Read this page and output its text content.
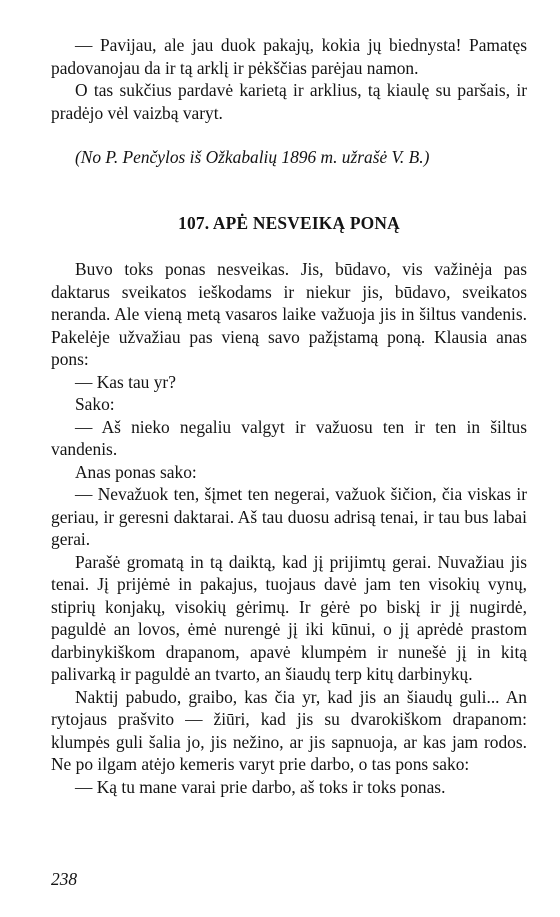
— Pavijau, ale jau duok pakajų, kokia jų biednysta! Pamatęs padovanojau da ir tą arklį ir pėkščias parėjau namon.

O tas sukčius pardavė karietą ir arklius, tą kiaulę su paršais, ir pradėjo vėl vaizbą varyt.

(No P. Penčylos iš Ožkabalių 1896 m. užrašė V. B.)

107. APĖ NESVEIKĄ PONĄ

Buvo toks ponas nesveikas. Jis, būdavo, vis važinėja pas daktarus sveikatos ieškodams ir niekur jis, būdavo, sveikatos neranda. Ale vieną metą vasaros laike važuoja jis in šiltus vandenis. Pakelėje užvažiau pas vieną savo pažįstamą poną. Klausia anas pons:

— Kas tau yr?

Sako:

— Aš nieko negaliu valgyt ir važuosu ten ir ten in šiltus vandenis.

Anas ponas sako:

— Nevažuok ten, šįmet ten negerai, važuok šičion, čia viskas ir geriau, ir geresni daktarai. Aš tau duosu adrisą tenai, ir tau bus labai gerai.

Parašė gromatą in tą daiktą, kad jį prijimtų gerai. Nuvažiau jis tenai. Jį prijėmė in pakajus, tuojaus davė jam ten visokių vynų, stiprių konjakų, visokių gėrimų. Ir gėrė po biskį ir jį nugirdė, paguldė an lovos, ėmė nurengė jį iki kūnui, o jį aprėdė prastom darbinykiškom drapanom, apavė klumpėm ir nunešė jį in kitą palivarką ir paguldė an tvarto, an šiaudų terp kitų darbinykų.

Naktij pabudo, graibo, kas čia yr, kad jis an šiaudų guli... An rytojaus prašvito — žiūri, kad jis su dvarokiškom drapanom: klumpės guli šalia jo, jis nežino, ar jis sapnuoja, ar kas jam rodos. Ne po ilgam atėjo kemeris varyt prie darbo, o tas pons sako:

— Ką tu mane varai prie darbo, aš toks ir toks ponas.

238
